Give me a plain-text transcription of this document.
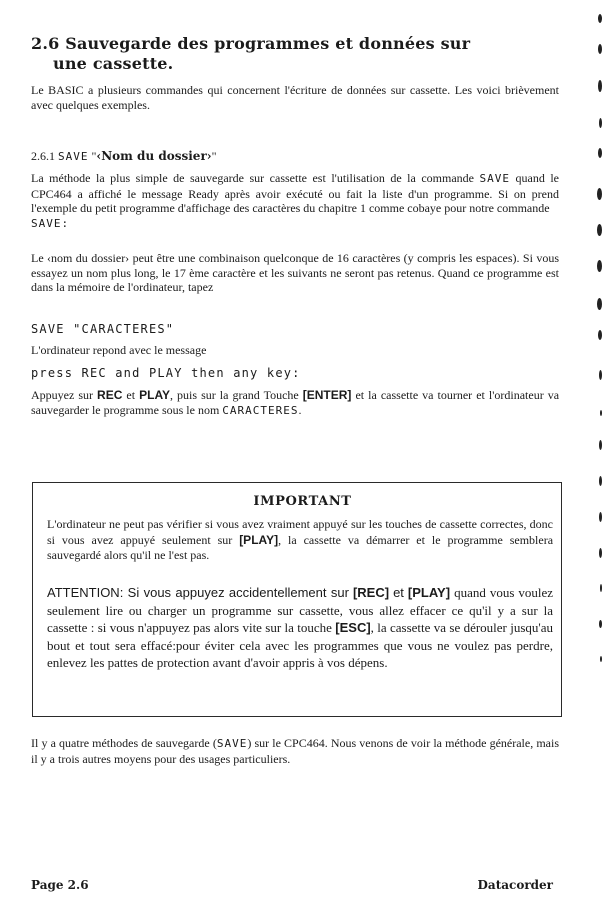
2.6 Sauvegarde des programmes et données sur
une cassette.

Le BASIC a plusieurs commandes qui concernent l'écriture de données sur cassette. Les voici brièvement avec quelques exemples.

2.6.1 SAVE "‹Nom du dossier›"

La méthode la plus simple de sauvegarde sur cassette est l'utilisation de la commande SAVE quand le CPC464 a affiché le message Ready après avoir exécuté ou fait la liste d'un programme. Si on prend l'exemple du petit programme d'affichage des caractères du chapitre 1 comme cobaye pour notre commande
SAVE:

Le ‹nom du dossier› peut être une combinaison quelconque de 16 caractères (y compris les espaces). Si vous essayez un nom plus long, le 17 ème caractère et les suivants ne seront pas retenus. Quand ce programme est dans la mémoire de l'ordinateur, tapez

SAVE "CARACTERES"

L'ordinateur repond avec le message

press REC and PLAY then any key:

Appuyez sur REC et PLAY, puis sur la grand Touche [ENTER] et la cassette va tourner et l'ordinateur va sauvegarder le programme sous le nom CARACTERES.

IMPORTANT

L'ordinateur ne peut pas vérifier si vous avez vraiment appuyé sur les touches de cassette correctes, donc si vous avez appuyé seulement sur [PLAY], la cassette va démarrer et le programme semblera sauvegardé alors qu'il ne l'est pas.

ATTENTION: Si vous appuyez accidentellement sur [REC] et [PLAY] quand vous voulez seulement lire ou charger un programme sur cassette, vous allez effacer ce qu'il y a sur la cassette : si vous n'appuyez pas alors vite sur la touche [ESC], la cassette va se dérouler jusqu'au bout et tout sera effacé:pour éviter cela avec les programmes que vous ne voulez pas perdre, enlevez les pattes de protection avant d'avoir appris à vos dépens.

Il y a quatre méthodes de sauvegarde (SAVE) sur le CPC464. Nous venons de voir la méthode générale, mais il y a trois autres moyens pour des usages particuliers.

Page 2.6	Datacorder
